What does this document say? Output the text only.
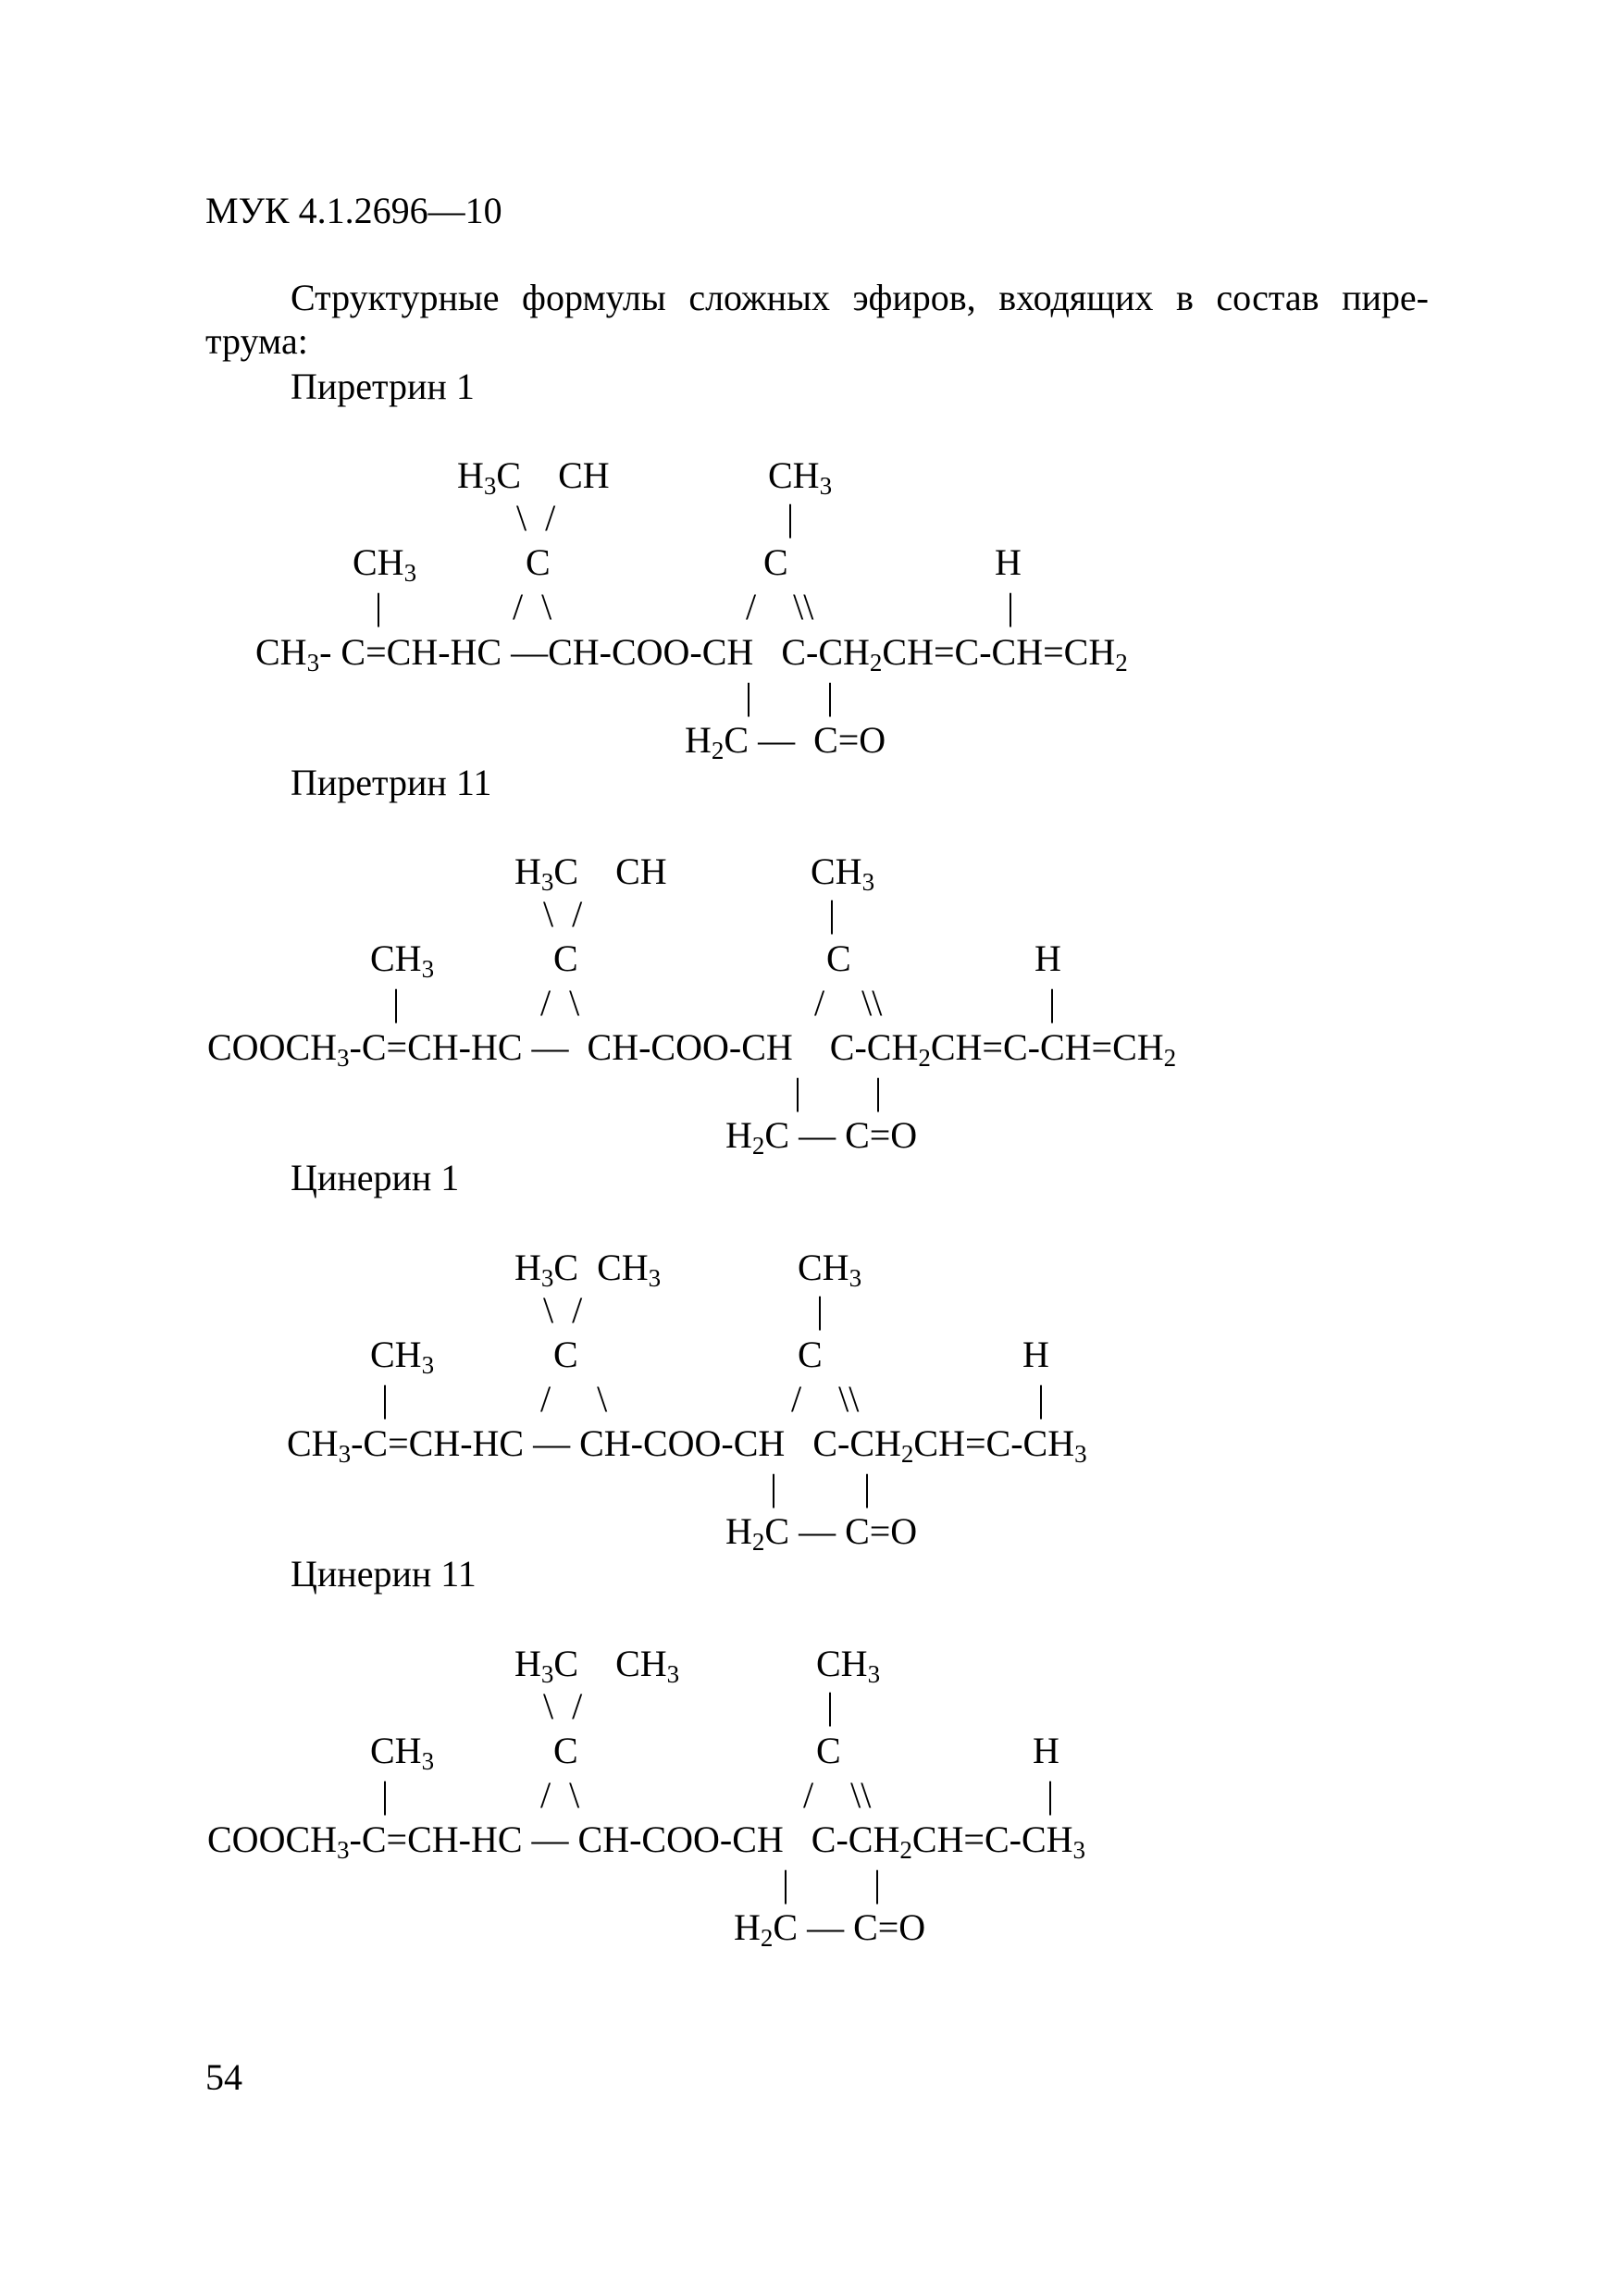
МУК 4.1.2696—10
Структурные формулы сложных эфиров, входящих в состав пире-трума:
Пиретрин 1
$H_3C$    CH
\  /
C
|
$CH_3$
C	H
$CH_3$
|	/  \	/    \\	|
$CH_3-$ C=CH-HC —CH-COO-CH   $C-CH_2CH=C-CH=CH_2$
| |
$H_2C$ —  C=O
Пиретрин 11
$H_3C$    CH
\  /
C
|
$CH_3$
C	H
$CH_3$
|	/  \	/    \\	|
$COOCH_3-C=CH-HC$ —  CH-COO-CH    $C-CH_2CH=C-CH=CH_2$
| |
$H_2C$ — C=O
Цинерин 1
$H_3C$  $CH_3$
\  /
C
|
$CH_3$
C	H
$CH_3$
|	/     \	/    \\	|
$CH_3-C=CH-HC$ — CH-COO-CH   $C-CH_2CH=C-CH_3$
| |
$H_2C$ — C=O
Цинерин 11
$H_3C$    $CH_3$
\  /
C
|
$CH_3$
C	H
$CH_3$
|	/  \	/    \\	|
$COOCH_3-C=CH-HC$ — CH-COO-CH   $C-CH_2CH=C-CH_3$
| |
$H_2C$ — C=O
54
